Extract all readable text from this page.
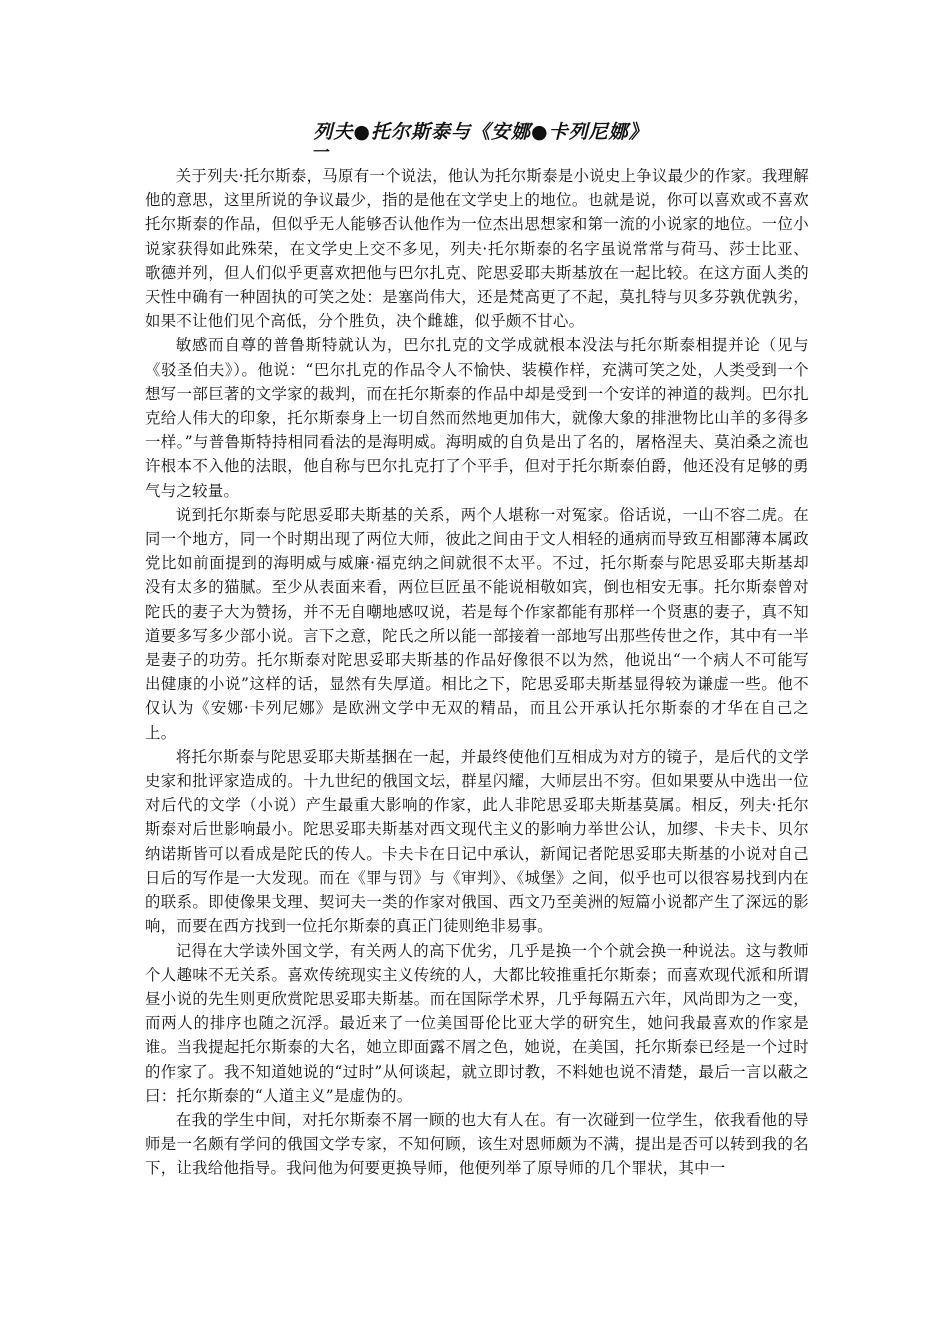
列夫●托尔斯泰与《安娜●卡列尼娜》
一

关于列夫·托尔斯泰，马原有一个说法，他认为托尔斯泰是小说史上争议最少的作家。我理解他的意思，这里所说的争议最少，指的是他在文学史上的地位。也就是说，你可以喜欢或不喜欢托尔斯泰的作品，但似乎无人能够否认他作为一位杰出思想家和第一流的小说家的地位。一位小说家获得如此殊荣，在文学史上交不多见，列夫·托尔斯泰的名字虽说常常与荷马、莎士比亚、歌德并列，但人们似乎更喜欢把他与巴尔扎克、陀思妥耶夫斯基放在一起比较。在这方面人类的天性中确有一种固执的可笑之处：是塞尚伟大，还是梵高更了不起，莫扎特与贝多芬孰优孰劣，如果不让他们见个高低，分个胜负，决个雌雄，似乎颇不甘心。

敏感而自尊的普鲁斯特就认为，巴尔扎克的文学成就根本没法与托尔斯泰相提并论（见与《驳圣伯夫》）。他说：“巴尔扎克的作品令人不愉快、装模作样，充满可笑之处，人类受到一个想写一部巨著的文学家的裁判，而在托尔斯泰的作品中却是受到一个安详的神道的裁判。巴尔扎克给人伟大的印象，托尔斯泰身上一切自然而然地更加伟大，就像大象的排泄物比山羊的多得多一样。”与普鲁斯特持相同看法的是海明威。海明威的自负是出了名的，屠格涅夫、莫泊桑之流也许根本不入他的法眼，他自称与巴尔扎克打了个平手，但对于托尔斯泰伯爵，他还没有足够的勇气与之较量。

说到托尔斯泰与陀思妥耶夫斯基的关系，两个人堪称一对冤家。俗话说，一山不容二虎。在同一个地方，同一个时期出现了两位大师，彼此之间由于文人相轻的通病而导致互相鄙薄本属政党比如前面提到的海明威与威廉·福克纳之间就很不太平。不过，托尔斯泰与陀思妥耶夫斯基却没有太多的猫腻。至少从表面来看，两位巨匠虽不能说相敬如宾，倒也相安无事。托尔斯泰曾对陀氏的妻子大为赞扬，并不无自嘲地感叹说，若是每个作家都能有那样一个贤惠的妻子，真不知道要多写多少部小说。言下之意，陀氏之所以能一部接着一部地写出那些传世之作，其中有一半是妻子的功劳。托尔斯泰对陀思妥耶夫斯基的作品好像很不以为然，他说出“一个病人不可能写出健康的小说”这样的话，显然有失厚道。相比之下，陀思妥耶夫斯基显得较为谦虚一些。他不仅认为《安娜·卡列尼娜》是欧洲文学中无双的精品，而且公开承认托尔斯泰的才华在自己之上。

将托尔斯泰与陀思妥耶夫斯基捆在一起，并最终使他们互相成为对方的镜子，是后代的文学史家和批评家造成的。十九世纪的俄国文坛，群星闪耀，大师层出不穷。但如果要从中选出一位对后代的文学（小说）产生最重大影响的作家，此人非陀思妥耶夫斯基莫属。相反，列夫·托尔斯泰对后世影响最小。陀思妥耶夫斯基对西文现代主义的影响力举世公认，加缪、卡夫卡、贝尔纳诺斯皆可以看成是陀氏的传人。卡夫卡在日记中承认，新闻记者陀思妥耶夫斯基的小说对自己日后的写作是一大发现。而在《罪与罚》与《审判》、《城堡》之间，似乎也可以很容易找到内在的联系。即使像果戈理、契诃夫一类的作家对俄国、西文乃至美洲的短篇小说都产生了深远的影响，而要在西方找到一位托尔斯泰的真正门徒则绝非易事。

记得在大学读外国文学，有关两人的高下优劣，几乎是换一个个就会换一种说法。这与教师个人趣味不无关系。喜欢传统现实主义传统的人，大都比较推重托尔斯泰；而喜欢现代派和所谓昼小说的先生则更欣赏陀思妥耶夫斯基。而在国际学术界，几乎每隔五六年，风尚即为之一变，而两人的排序也随之沉浮。最近来了一位美国哥伦比亚大学的研究生，她问我最喜欢的作家是谁。当我提起托尔斯泰的大名，她立即面露不屑之色，她说，在美国，托尔斯泰已经是一个过时的作家了。我不知道她说的“过时”从何谈起，就立即讨教，不料她也说不清楚，最后一言以蔽之曰：托尔斯泰的“人道主义”是虚伪的。

在我的学生中间，对托尔斯泰不屑一顾的也大有人在。有一次碰到一位学生，依我看他的导师是一名颇有学问的俄国文学专家，不知何顾，该生对恩师颇为不满，提出是否可以转到我的名下，让我给他指导。我问他为何要更换导师，他便列举了原导师的几个罪状，其中一
